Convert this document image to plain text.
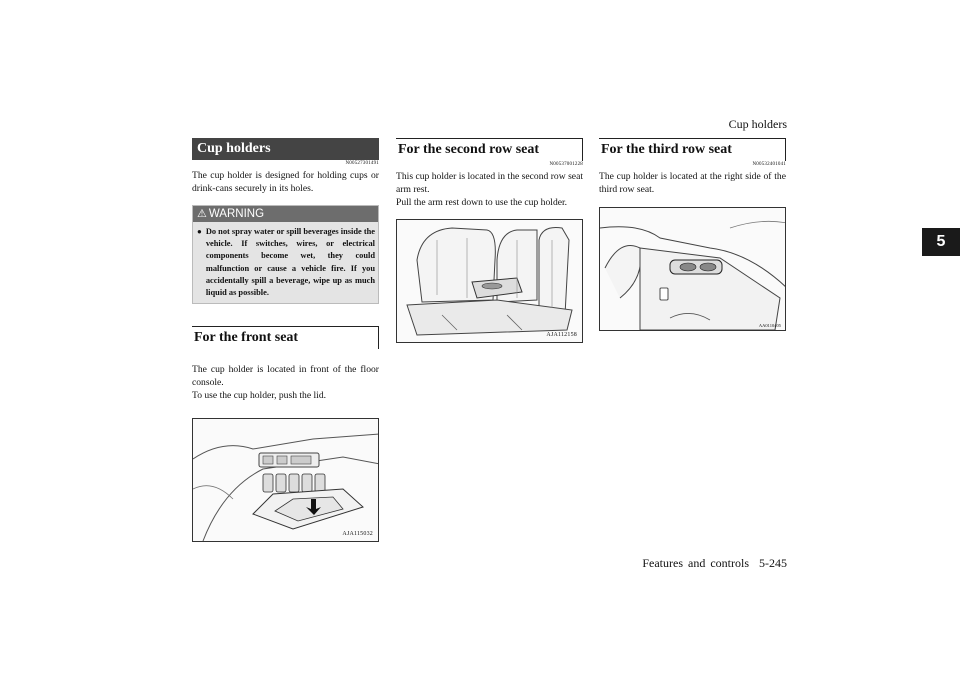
Cup holders
5
Cup holders
N00527301491
The cup holder is designed for holding cups or drink-cans securely in its holes.
⚠ WARNING
● Do not spray water or spill beverages inside the vehicle. If switches, wires, or electrical components become wet, they could malfunction or cause a vehicle fire. If you accidentally spill a beverage, wipe up as much liquid as possible.
For the front seat
The cup holder is located in front of the floor console.
To use the cup holder, push the lid.
AJA115032
For the second row seat
N00537001228
This cup holder is located in the second row seat arm rest.
Pull the arm rest down to use the cup holder.
AJA112158
For the third row seat
N00532401041
The cup holder is located at the right side of the third row seat.
AA0110405
Features and controls 5-245
